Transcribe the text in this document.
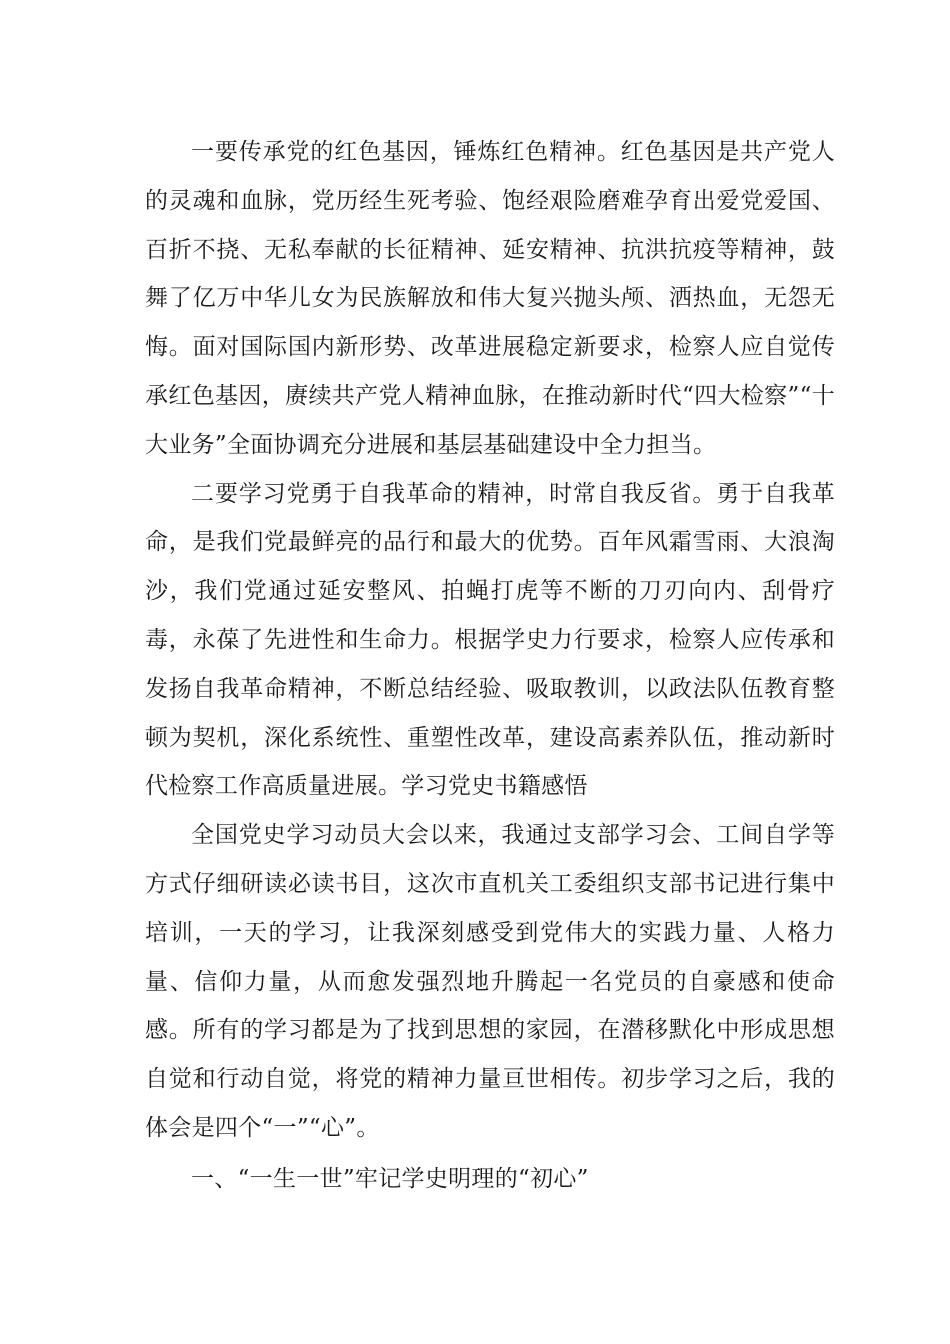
一要传承党的红色基因，锤炼红色精神。红色基因是共产党人的灵魂和血脉，党历经生死考验、饱经艰险磨难孕育出爱党爱国、百折不挠、无私奉献的长征精神、延安精神、抗洪抗疫等精神，鼓舞了亿万中华儿女为民族解放和伟大复兴抛头颅、洒热血，无怨无悔。面对国际国内新形势、改革进展稳定新要求，检察人应自觉传承红色基因，赓续共产党人精神血脉，在推动新时代“四大检察”“十大业务”全面协调充分进展和基层基础建设中全力担当。

二要学习党勇于自我革命的精神，时常自我反省。勇于自我革命，是我们党最鲜亮的品行和最大的优势。百年风霜雪雨、大浪淘沙，我们党通过延安整风、拍蝇打虎等不断的刀刃向内、刮骨疗毒，永葆了先进性和生命力。根据学史力行要求，检察人应传承和发扬自我革命精神，不断总结经验、吸取教训，以政法队伍教育整顿为契机，深化系统性、重塑性改革，建设高素养队伍，推动新时代检察工作高质量进展。学习党史书籍感悟

全国党史学习动员大会以来，我通过支部学习会、工间自学等方式仔细研读必读书目，这次市直机关工委组织支部书记进行集中培训，一天的学习，让我深刻感受到党伟大的实践力量、人格力量、信仰力量，从而愈发强烈地升腾起一名党员的自豪感和使命感。所有的学习都是为了找到思想的家园，在潜移默化中形成思想自觉和行动自觉，将党的精神力量亘世相传。初步学习之后，我的体会是四个“一”“心”。

一、“一生一世”牢记学史明理的“初心”
